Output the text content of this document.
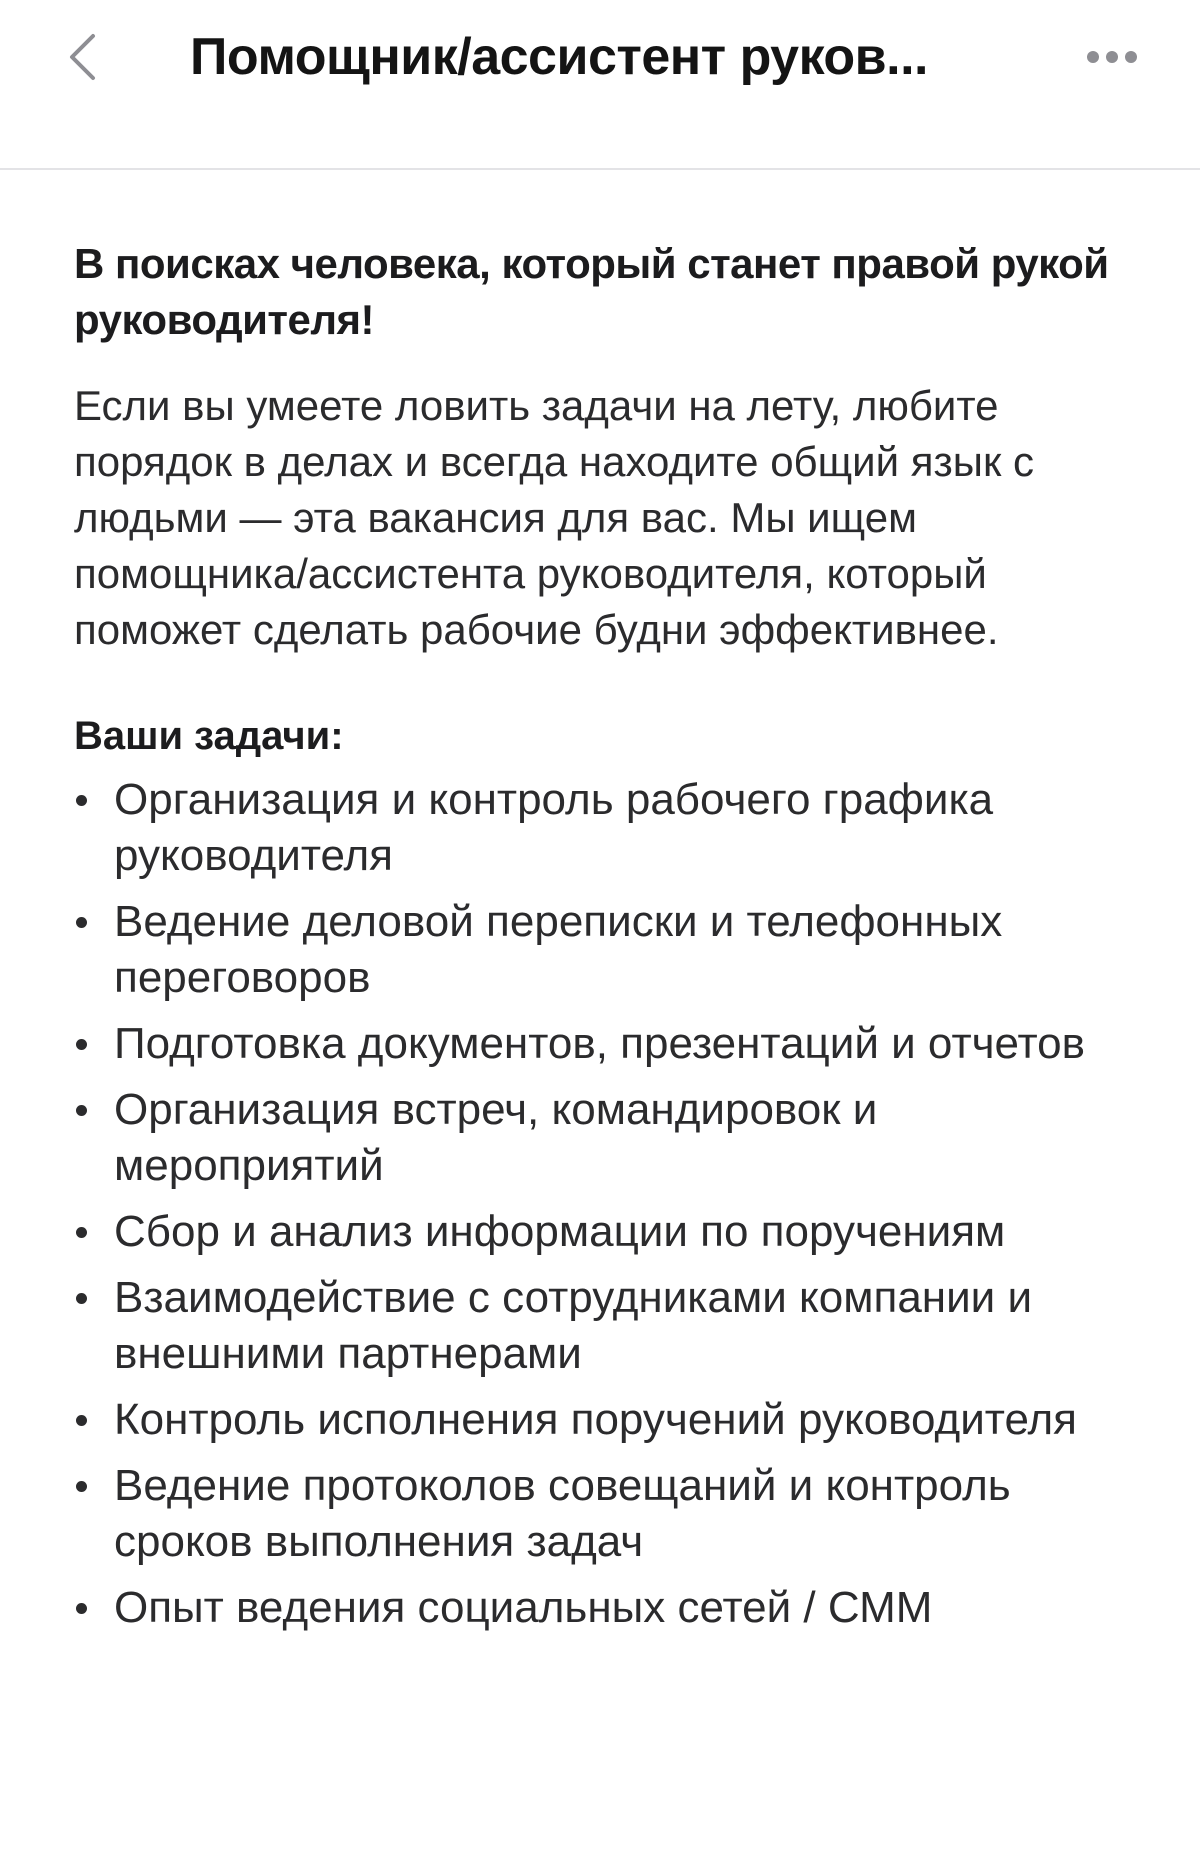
Помощник/ассистент руков...
В поисках человека, который станет правой рукой руководителя!

Если вы умеете ловить задачи на лету, любите порядок в делах и всегда находите общий язык с людьми — эта вакансия для вас. Мы ищем помощника/ассистента руководителя, который поможет сделать рабочие будни эффективнее.

Ваши задачи:
Организация и контроль рабочего графика руководителя
Ведение деловой переписки и телефонных переговоров
Подготовка документов, презентаций и отчетов
Организация встреч, командировок и мероприятий
Сбор и анализ информации по поручениям
Взаимодействие с сотрудниками компании и внешними партнерами
Контроль исполнения поручений руководителя
Ведение протоколов совещаний и контроль сроков выполнения задач
Опыт ведения социальных сетей / СММ
